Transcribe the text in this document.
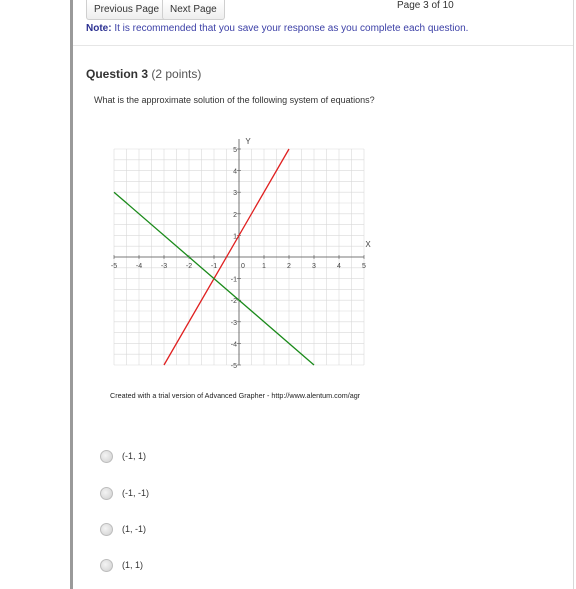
Previous Page	Next Page	Page 3 of 10
Note: It is recommended that you save your response as you complete each question.
Question 3 (2 points)
What is the approximate solution of the following system of equations?
-5	-4	-3	-2	-1	0 1	2	3	4	5
5
4
3
2
1
-1
-2
-3
-4
-5
X
Y
Created with a trial version of Advanced Grapher - http://www.alentum.com/agr
(-1, 1)
(-1, -1)
(1, -1)
(1, 1)
